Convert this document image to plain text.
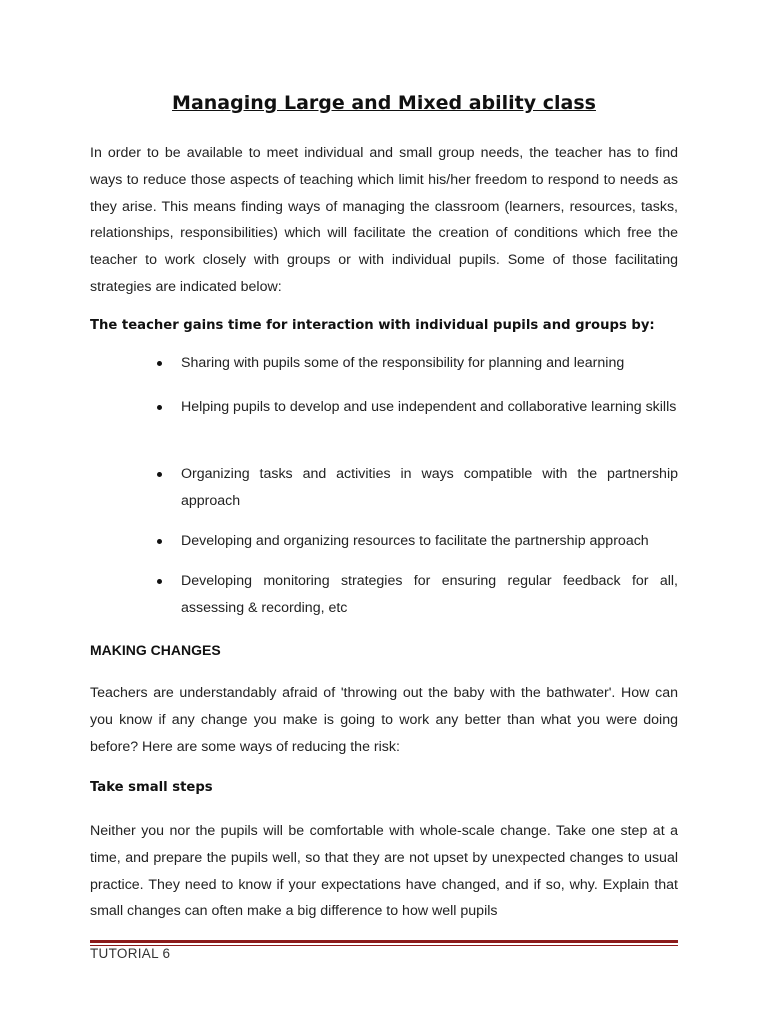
Managing Large and Mixed ability class

In order to be available to meet individual and small group needs, the teacher has to find ways to reduce those aspects of teaching which limit his/her freedom to respond to needs as they arise. This means finding ways of managing the classroom (learners, resources, tasks, relationships, responsibilities) which will facilitate the creation of conditions which free the teacher to work closely with groups or with individual pupils. Some of those facilitating strategies are indicated below:

The teacher gains time for interaction with individual pupils and groups by:

Sharing with pupils some of the responsibility for planning and learning
Helping pupils to develop and use independent and collaborative learning skills
Organizing tasks and activities in ways compatible with the partnership approach
Developing and organizing resources to facilitate the partnership approach
Developing monitoring strategies for ensuring regular feedback for all, assessing & recording, etc

MAKING CHANGES

Teachers are understandably afraid of 'throwing out the baby with the bathwater'. How can you know if any change you make is going to work any better than what you were doing before? Here are some ways of reducing the risk:

Take small steps

Neither you nor the pupils will be comfortable with whole-scale change. Take one step at a time, and prepare the pupils well, so that they are not upset by unexpected changes to usual practice. They need to know if your expectations have changed, and if so, why. Explain that small changes can often make a big difference to how well pupils

TUTORIAL 6
